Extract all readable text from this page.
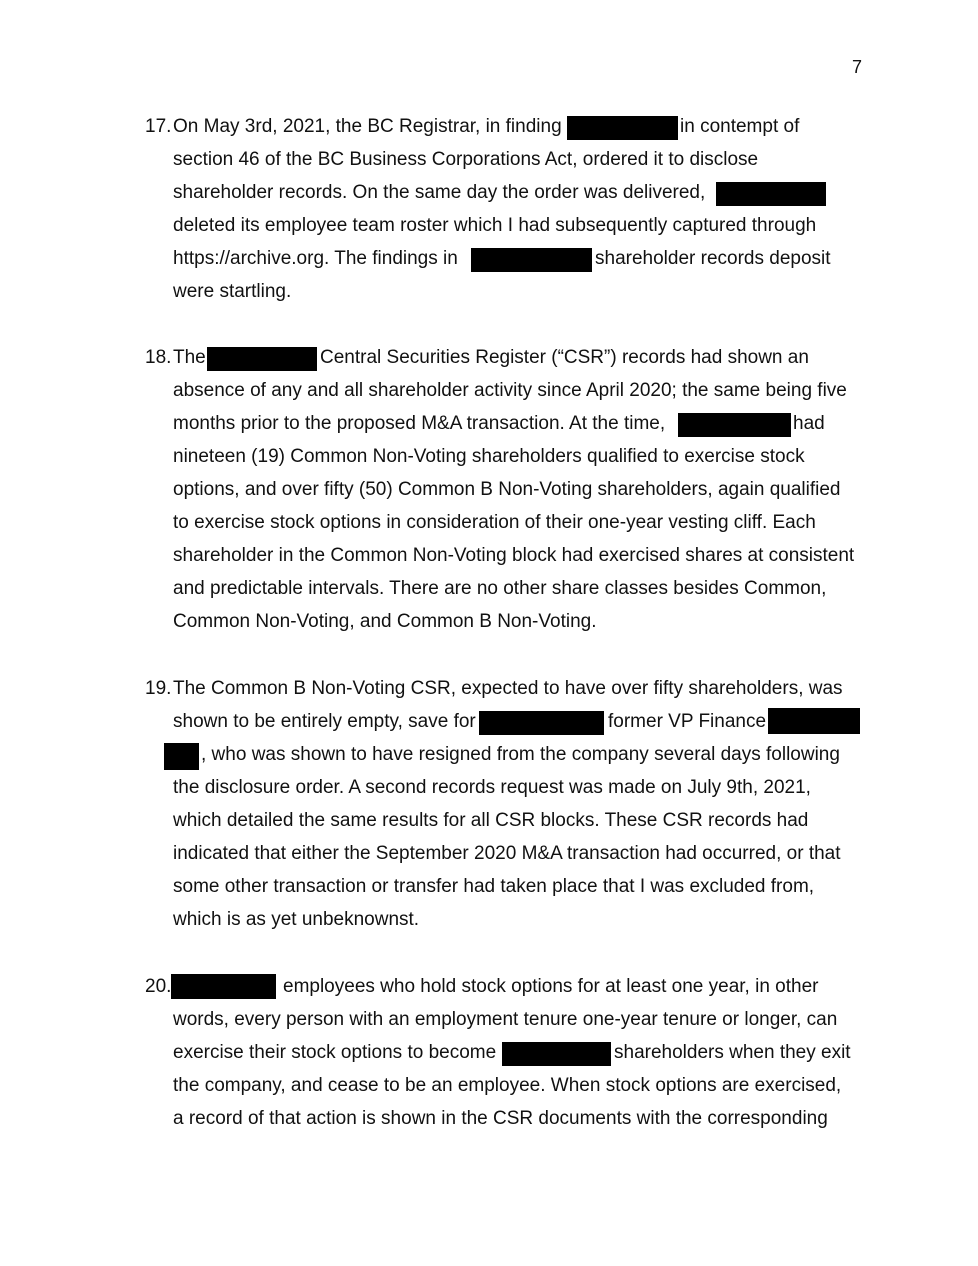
7
17. On May 3rd, 2021, the BC Registrar, in finding	in contempt of
section 46 of the BC Business Corporations Act, ordered it to disclose
shareholder records. On the same day the order was delivered,
deleted its employee team roster which I had subsequently captured through
https://archive.org. The findings in	shareholder records deposit
were startling.
18. The	Central Securities Register (“CSR”) records had shown an
absence of any and all shareholder activity since April 2020; the same being five
months prior to the proposed M&A transaction. At the time,	had
nineteen (19) Common Non-Voting shareholders qualified to exercise stock
options, and over fifty (50) Common B Non-Voting shareholders, again qualified
to exercise stock options in consideration of their one-year vesting cliff. Each
shareholder in the Common Non-Voting block had exercised shares at consistent
and predictable intervals. There are no other share classes besides Common,
Common Non-Voting, and Common B Non-Voting.
19. The Common B Non-Voting CSR, expected to have over fifty shareholders, was
shown to be entirely empty, save for	former VP Finance
, who was shown to have resigned from the company several days following
the disclosure order. A second records request was made on July 9th, 2021,
which detailed the same results for all CSR blocks. These CSR records had
indicated that either the September 2020 M&A transaction had occurred, or that
some other transaction or transfer had taken place that I was excluded from,
which is as yet unbeknownst.
20.	employees who hold stock options for at least one year, in other
words, every person with an employment tenure one-year tenure or longer, can
exercise their stock options to become	shareholders when they exit
the company, and cease to be an employee. When stock options are exercised,
a record of that action is shown in the CSR documents with the corresponding
